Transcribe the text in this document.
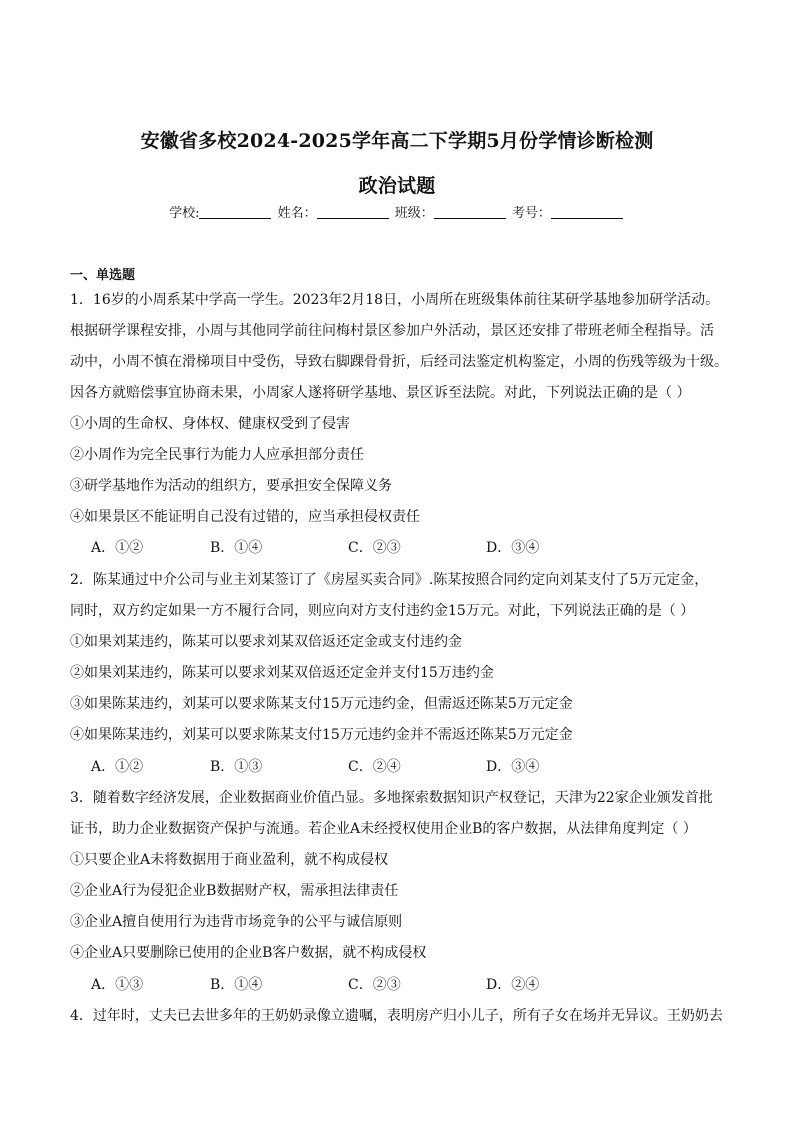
安徽省多校2024-2025学年高二下学期5月份学情诊断检测
政治试题
学校:	姓名：	班级：	考号：
一、单选题
1．16岁的小周系某中学高一学生。2023年2月18日，小周所在班级集体前往某研学基地参加研学活动。
根据研学课程安排，小周与其他同学前往问梅村景区参加户外活动，景区还安排了带班老师全程指导。活
动中，小周不慎在滑梯项目中受伤，导致右脚踝骨骨折，后经司法鉴定机构鉴定，小周的伤残等级为十级。
因各方就赔偿事宜协商未果，小周家人遂将研学基地、景区诉至法院。对此，下列说法正确的是（ ）
①小周的生命权、身体权、健康权受到了侵害
②小周作为完全民事行为能力人应承担部分责任
③研学基地作为活动的组织方，要承担安全保障义务
④如果景区不能证明自己没有过错的，应当承担侵权责任
A．①②	B．①④	C．②③	D．③④
2．陈某通过中介公司与业主刘某签订了《房屋买卖合同》.陈某按照合同约定向刘某支付了5万元定金，
同时，双方约定如果一方不履行合同，则应向对方支付违约金15万元。对此，下列说法正确的是（ ）
①如果刘某违约，陈某可以要求刘某双倍返还定金或支付违约金
②如果刘某违约，陈某可以要求刘某双倍返还定金并支付15万违约金
③如果陈某违约，刘某可以要求陈某支付15万元违约金，但需返还陈某5万元定金
④如果陈某违约，刘某可以要求陈某支付15万元违约金并不需返还陈某5万元定金
A．①②	B．①③	C．②④	D．③④
3．随着数字经济发展，企业数据商业价值凸显。多地探索数据知识产权登记，天津为22家企业颁发首批
证书，助力企业数据资产保护与流通。若企业A未经授权使用企业B的客户数据，从法律角度判定（ ）
①只要企业A未将数据用于商业盈利，就不构成侵权
②企业A行为侵犯企业B数据财产权，需承担法律责任
③企业A擅自使用行为违背市场竞争的公平与诚信原则
④企业A只要删除已使用的企业B客户数据，就不构成侵权
A．①③	B．①④	C．②③	D．②④
4．过年时，丈夫已去世多年的王奶奶录像立遗嘱，表明房产归小儿子，所有子女在场并无异议。王奶奶去
